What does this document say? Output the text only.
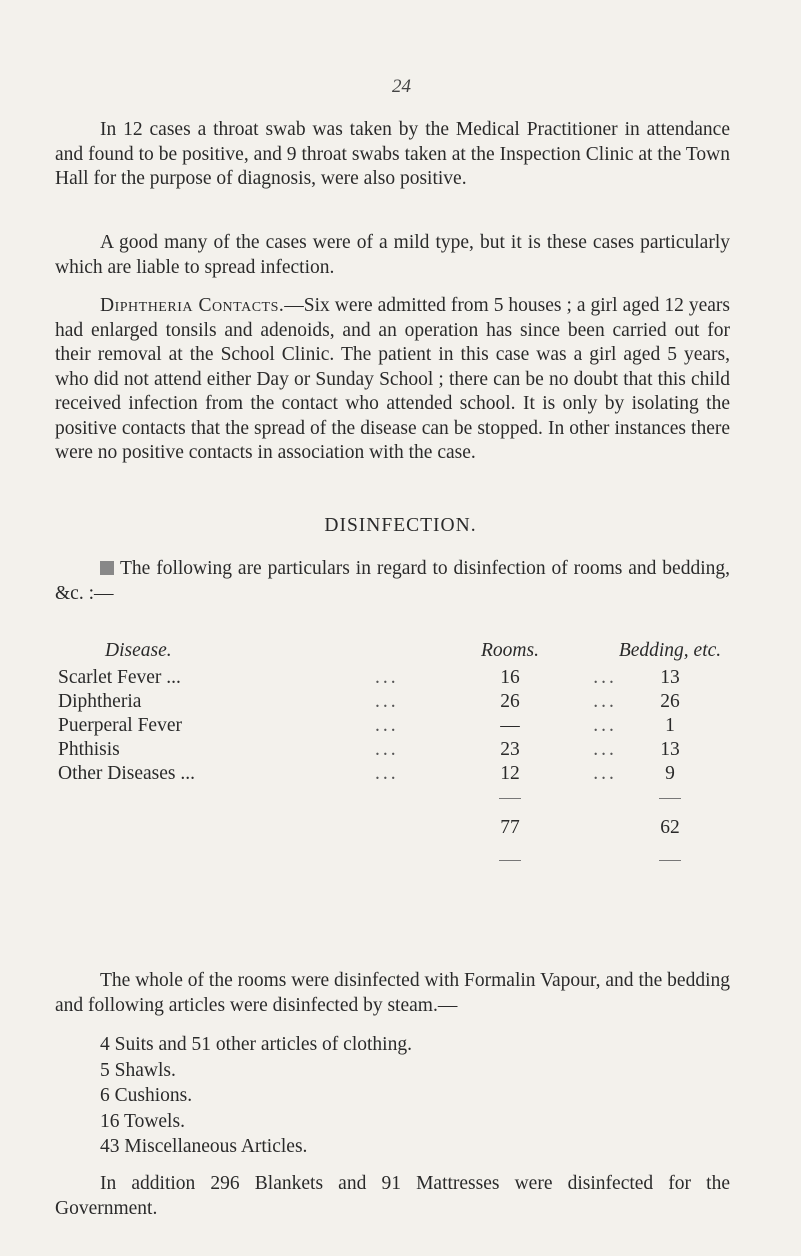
24

In 12 cases a throat swab was taken by the Medical Practitioner in attendance and found to be positive, and 9 throat swabs taken at the Inspection Clinic at the Town Hall for the purpose of diagnosis, were also positive.

A good many of the cases were of a mild type, but it is these cases particularly which are liable to spread infection.

Diphtheria Contacts.—Six were admitted from 5 houses ; a girl aged 12 years had enlarged tonsils and adenoids, and an operation has since been carried out for their removal at the School Clinic. The patient in this case was a girl aged 5 years, who did not attend either Day or Sunday School ; there can be no doubt that this child received infection from the contact who attended school. It is only by isolating the positive contacts that the spread of the disease can be stopped. In other instances there were no positive contacts in association with the case.

DISINFECTION.

The following are particulars in regard to disinfection of rooms and bedding, &c. :—

Disease.	Rooms.	Bedding, etc.
Scarlet Fever ...	...	16	...	13
Diphtheria	...	26	...	26
Puerperal Fever	...	—	...	1
Phthisis	...	23	...	13
Other Diseases ...	...	12	...	9
77	62

The whole of the rooms were disinfected with Formalin Vapour, and the bedding and following articles were disinfected by steam.—

4 Suits and 51 other articles of clothing.
5 Shawls.
6 Cushions.
16 Towels.
43 Miscellaneous Articles.

In addition 296 Blankets and 91 Mattresses were disinfected for the Government.
